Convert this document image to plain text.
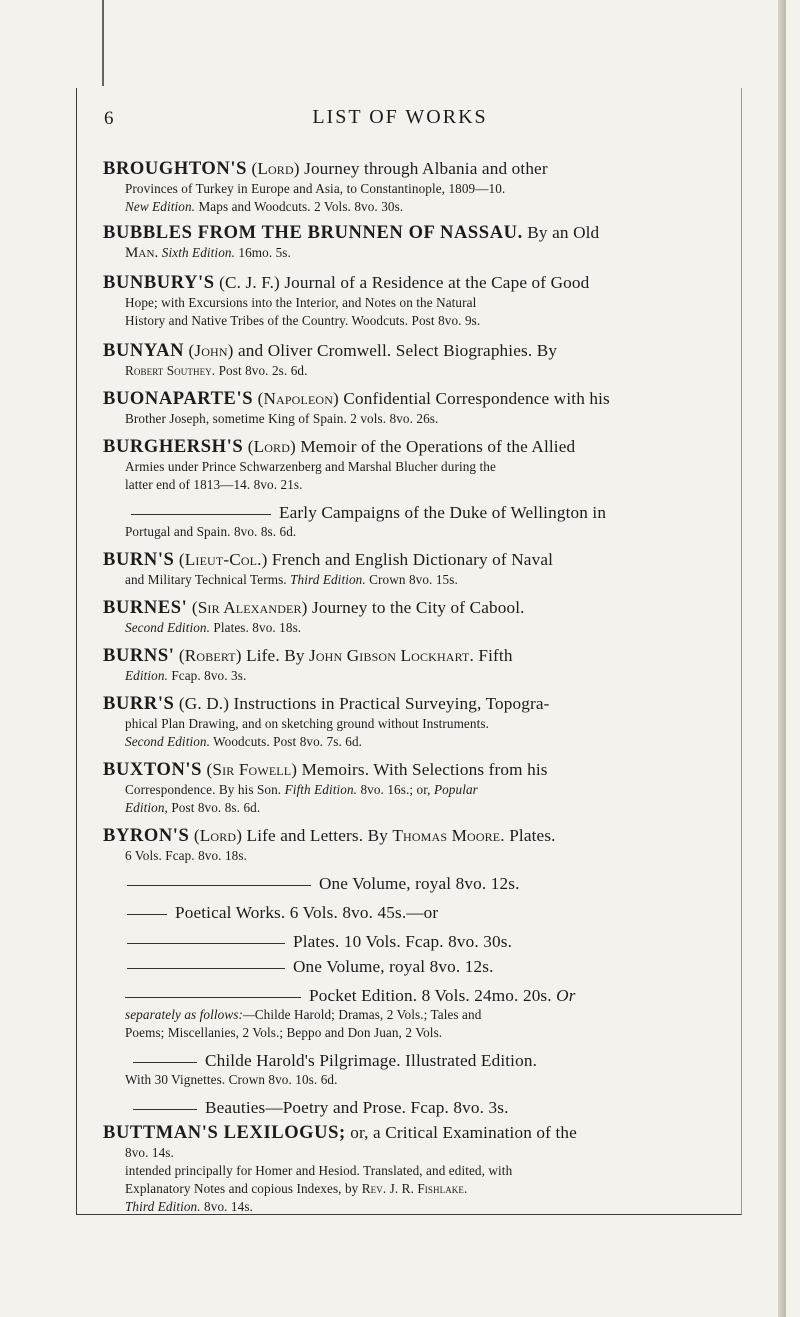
6	LIST OF WORKS

BROUGHTON'S (Lord) Journey through Albania and other
Provinces of Turkey in Europe and Asia, to Constantinople, 1809—10.
New Edition. Maps and Woodcuts. 2 Vols. 8vo. 30s.

BUBBLES FROM THE BRUNNEN OF NASSAU. By an Old
Man. Sixth Edition. 16mo. 5s.

BUNBURY'S (C. J. F.) Journal of a Residence at the Cape of Good
Hope; with Excursions into the Interior, and Notes on the Natural
History and Native Tribes of the Country. Woodcuts. Post 8vo. 9s.

BUNYAN (John) and Oliver Cromwell. Select Biographies. By
Robert Southey. Post 8vo. 2s. 6d.

BUONAPARTE'S (Napoleon) Confidential Correspondence with his
Brother Joseph, sometime King of Spain. 2 vols. 8vo. 26s.

BURGHERSH'S (Lord) Memoir of the Operations of the Allied
Armies under Prince Schwarzenberg and Marshal Blucher during the
latter end of 1813—14. 8vo. 21s.

Early Campaigns of the Duke of Wellington in
Portugal and Spain. 8vo. 8s. 6d.

BURN'S (Lieut-Col.) French and English Dictionary of Naval
and Military Technical Terms. Third Edition. Crown 8vo. 15s.

BURNES' (Sir Alexander) Journey to the City of Cabool.
Second Edition. Plates. 8vo. 18s.

BURNS' (Robert) Life. By John Gibson Lockhart. Fifth
Edition. Fcap. 8vo. 3s.

BURR'S (G. D.) Instructions in Practical Surveying, Topogra-
phical Plan Drawing, and on sketching ground without Instruments.
Second Edition. Woodcuts. Post 8vo. 7s. 6d.

BUXTON'S (Sir Fowell) Memoirs. With Selections from his
Correspondence. By his Son. Fifth Edition. 8vo. 16s.; or, Popular
Edition, Post 8vo. 8s. 6d.

BYRON'S (Lord) Life and Letters. By Thomas Moore. Plates.
6 Vols. Fcap. 8vo. 18s.

One Volume, royal 8vo. 12s.

Poetical Works. 6 Vols. 8vo. 45s.—or

Plates. 10 Vols. Fcap. 8vo. 30s.

One Volume, royal 8vo. 12s.

Pocket Edition. 8 Vols. 24mo. 20s. Or
separately as follows:—Childe Harold; Dramas, 2 Vols.; Tales and
Poems; Miscellanies, 2 Vols.; Beppo and Don Juan, 2 Vols.

Childe Harold's Pilgrimage. Illustrated Edition.
With 30 Vignettes. Crown 8vo. 10s. 6d.

Beauties—Poetry and Prose. Fcap. 8vo. 3s.

BUTTMAN'S LEXILOGUS; or, a Critical Examination of the
8vo. 14s.
intended principally for Homer and Hesiod. Translated, and edited, with
Explanatory Notes and copious Indexes, by Rev. J. R. Fishlake.
Third Edition. 8vo. 14s.
